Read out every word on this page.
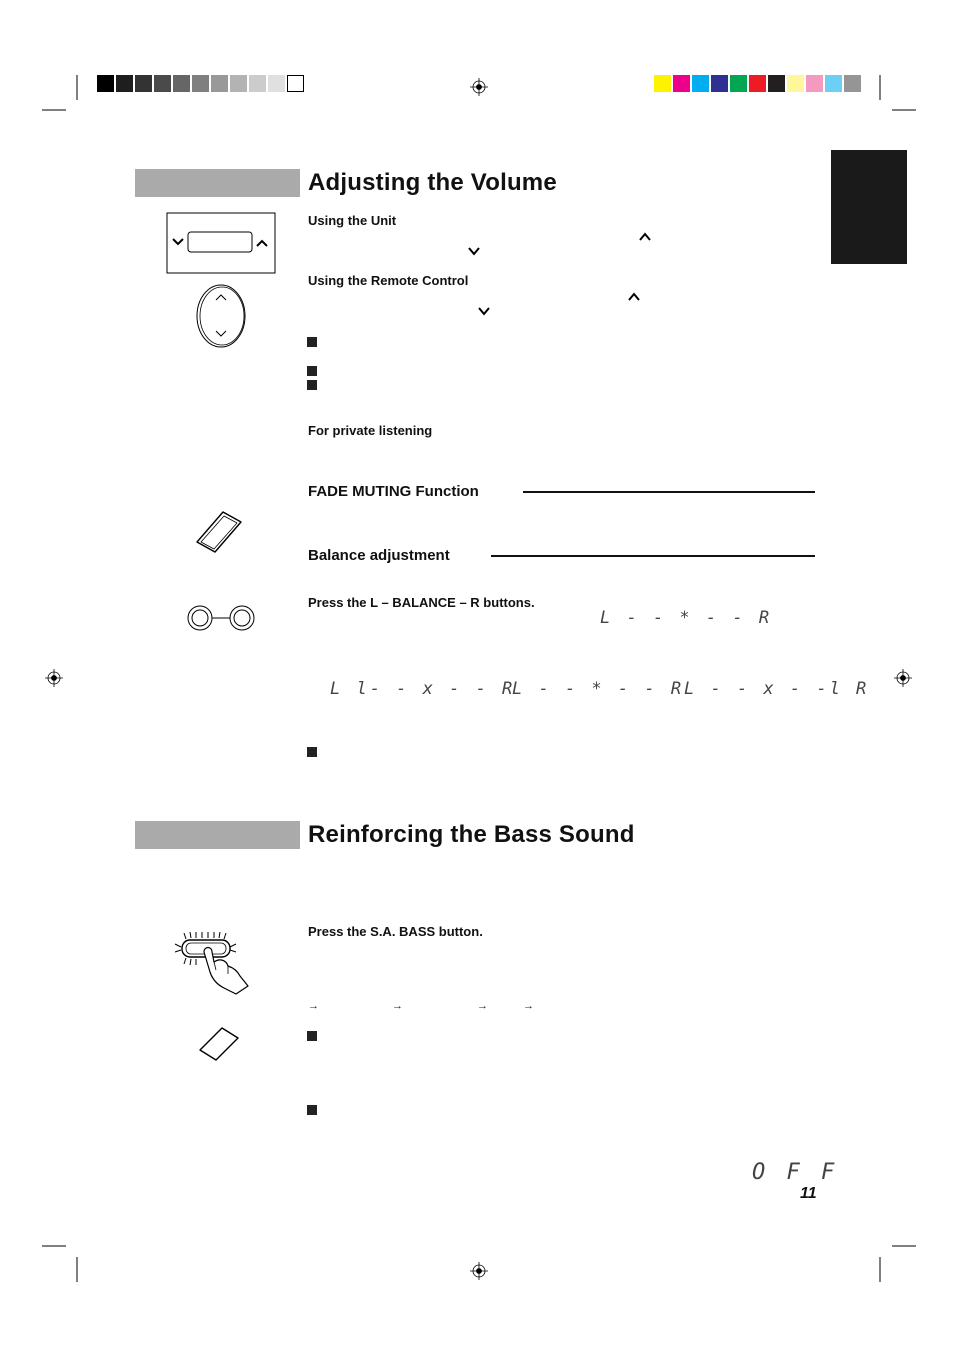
Adjusting the Volume
Using the Unit
Using the Remote Control
For private listening
FADE MUTING Function
Balance adjustment
Press the L – BALANCE – R buttons.
L - - * - - R
L l- - x - - R
L - - * - - R L - - x - -l R
Reinforcing the Bass Sound
Press the S.A. BASS button.
→	→	→	→
O F F
11
